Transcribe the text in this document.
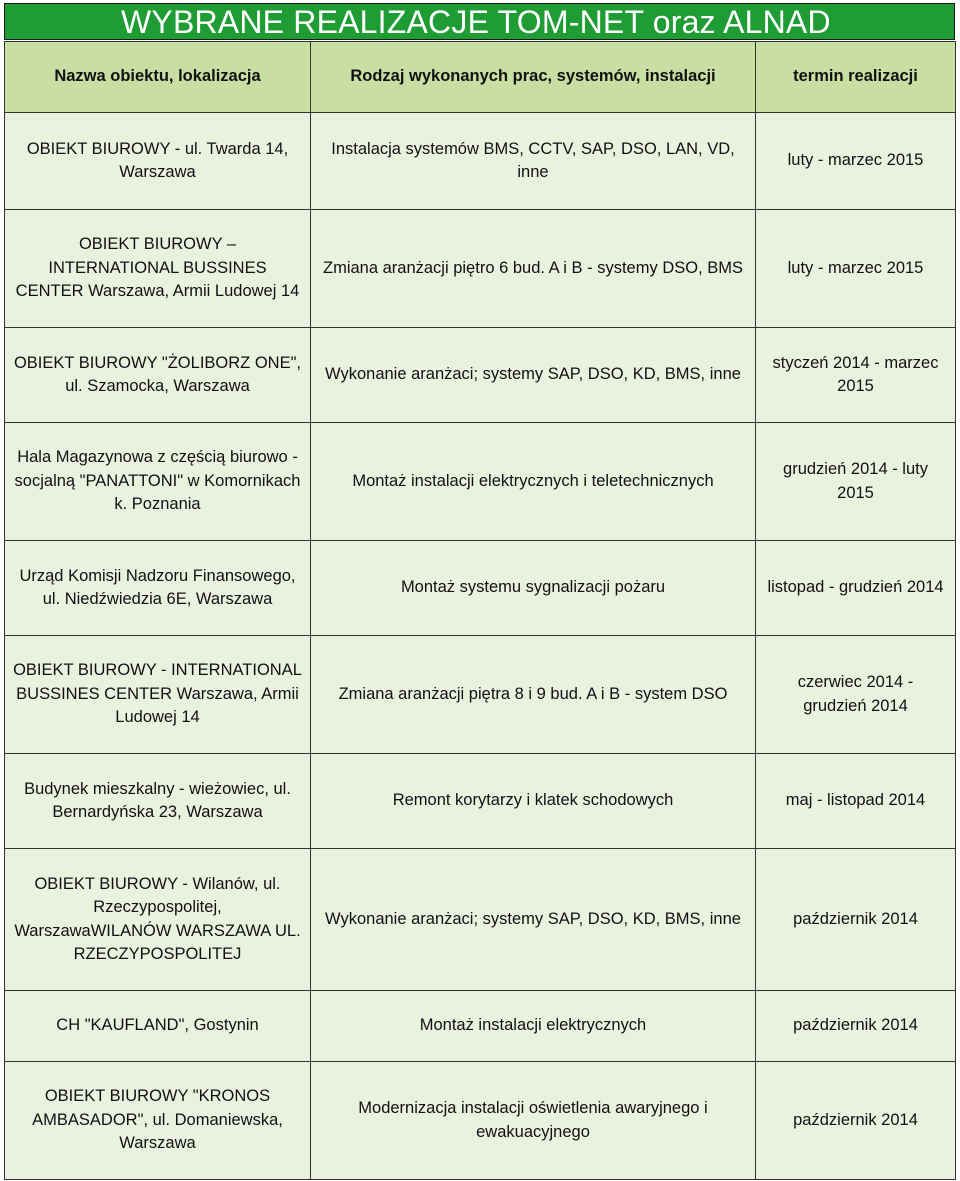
WYBRANE REALIZACJE TOM-NET oraz ALNAD
Nazwa obiektu, lokalizacja	Rodzaj wykonanych prac, systemów, instalacji	termin realizacji
OBIEKT BIUROWY - ul. Twarda 14, Warszawa	Instalacja systemów BMS, CCTV, SAP, DSO, LAN, VD, inne	luty - marzec 2015
OBIEKT BIUROWY – INTERNATIONAL BUSSINES CENTER Warszawa, Armii Ludowej 14	Zmiana aranżacji piętro 6 bud. A i B - systemy DSO, BMS	luty - marzec 2015
OBIEKT BIUROWY "ŻOLIBORZ ONE", ul. Szamocka, Warszawa	Wykonanie aranżaci; systemy SAP, DSO, KD, BMS, inne	styczeń 2014 - marzec 2015
Hala Magazynowa z częścią biurowo - socjalną "PANATTONI" w Komornikach k. Poznania	Montaż instalacji elektrycznych i teletechnicznych	grudzień 2014 - luty 2015
Urząd Komisji Nadzoru Finansowego, ul. Niedźwiedzia 6E, Warszawa	Montaż systemu sygnalizacji pożaru	listopad - grudzień 2014
OBIEKT BIUROWY - INTERNATIONAL BUSSINES CENTER Warszawa, Armii Ludowej 14	Zmiana aranżacji piętra 8 i 9 bud. A i B - system DSO	czerwiec 2014 - grudzień 2014
Budynek mieszkalny - wieżowiec, ul. Bernardyńska 23, Warszawa	Remont korytarzy i klatek schodowych	maj - listopad 2014
OBIEKT BIUROWY - Wilanów, ul. Rzeczypospolitej, WarszawaWILANÓW WARSZAWA UL. RZECZYPOSPOLITEJ	Wykonanie aranżaci; systemy SAP, DSO, KD, BMS, inne	październik 2014
CH "KAUFLAND", Gostynin	Montaż instalacji elektrycznych	październik 2014
OBIEKT BIUROWY "KRONOS AMBASADOR", ul. Domaniewska, Warszawa	Modernizacja instalacji oświetlenia awaryjnego i ewakuacyjnego	październik 2014
